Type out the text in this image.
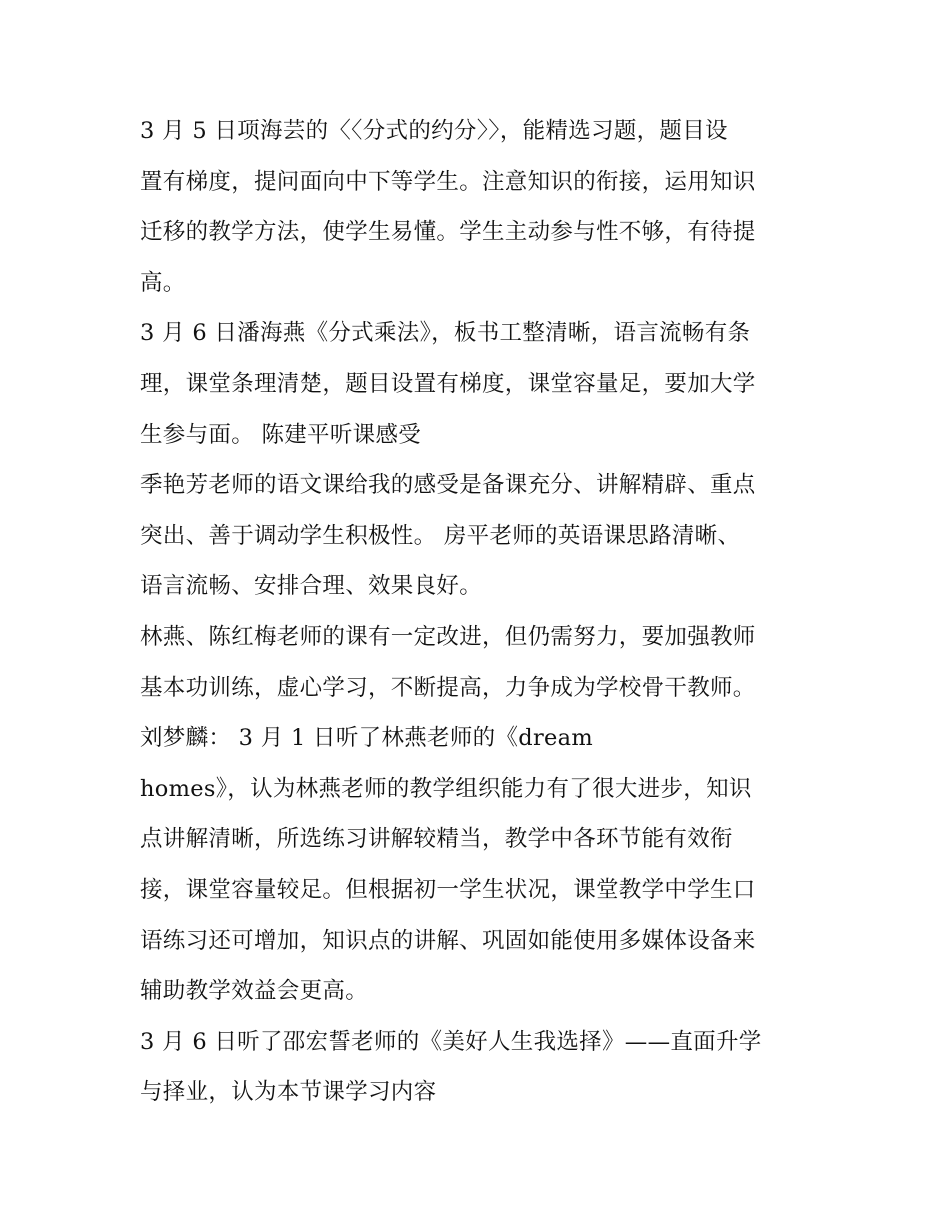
3 月 5 日项海芸的〈〈分式的约分〉〉，能精选习题，题目设
置有梯度，提问面向中下等学生。注意知识的衔接，运用知识
迁移的教学方法，使学生易懂。学生主动参与性不够，有待提
高。
3 月 6 日潘海燕《分式乘法》，板书工整清晰，语言流畅有条
理，课堂条理清楚，题目设置有梯度，课堂容量足，要加大学
生参与面。 陈建平听课感受
季艳芳老师的语文课给我的感受是备课充分、讲解精辟、重点
突出、善于调动学生积极性。 房平老师的英语课思路清晰、
语言流畅、安排合理、效果良好。
林燕、陈红梅老师的课有一定改进，但仍需努力，要加强教师
基本功训练，虚心学习，不断提高，力争成为学校骨干教师。
刘梦麟： 3 月 1 日听了林燕老师的《dream
homes》，认为林燕老师的教学组织能力有了很大进步，知识
点讲解清晰，所选练习讲解较精当，教学中各环节能有效衔
接，课堂容量较足。但根据初一学生状况，课堂教学中学生口
语练习还可增加，知识点的讲解、巩固如能使用多媒体设备来
辅助教学效益会更高。
3 月 6 日听了邵宏誓老师的《美好人生我选择》——直面升学
与择业，认为本节课学习内容
